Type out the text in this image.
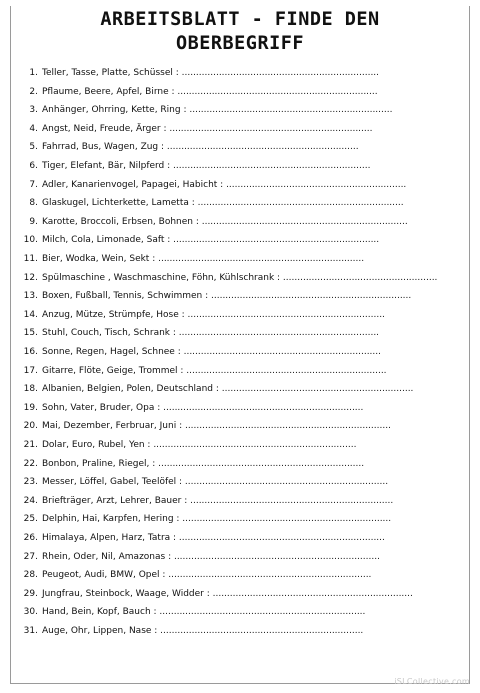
ARBEITSBLATT - FINDE DEN
OBERBEGRIFF
1. Teller, Tasse, Platte, Schüssel : .....................................................................
2. Pflaume, Beere, Apfel, Birne : ......................................................................
3. Anhänger, Ohrring, Kette, Ring : .......................................................................
4. Angst, Neid, Freude, Ärger : .......................................................................
5. Fahrrad, Bus, Wagen, Zug : ...................................................................
6. Tiger, Elefant, Bär, Nilpferd : .....................................................................
7. Adler, Kanarienvogel, Papagei, Habicht : ...............................................................
8. Glaskugel, Lichterkette, Lametta : ........................................................................
9. Karotte, Broccoli, Erbsen, Bohnen : ........................................................................
10. Milch, Cola, Limonade, Saft : ........................................................................
11. Bier, Wodka, Wein, Sekt : ........................................................................
12. Spülmaschine , Waschmaschine, Föhn, Kühlschrank : ......................................................
13. Boxen, Fußball, Tennis, Schwimmen : ......................................................................
14. Anzug, Mütze, Strümpfe, Hose : .....................................................................
15. Stuhl, Couch, Tisch, Schrank : ......................................................................
16. Sonne, Regen, Hagel, Schnee : .....................................................................
17. Gitarre, Flöte, Geige, Trommel : ......................................................................
18. Albanien, Belgien, Polen, Deutschland : ...................................................................
19. Sohn, Vater, Bruder, Opa : ......................................................................
20. Mai, Dezember, Ferbruar, Juni : ........................................................................
21. Dolar, Euro, Rubel, Yen : .......................................................................
22. Bonbon, Praline, Riegel, : ........................................................................
23. Messer, Löffel, Gabel, Teelöfel : .......................................................................
24. Briefträger, Arzt, Lehrer, Bauer : .......................................................................
25. Delphin, Hai, Karpfen, Hering : .........................................................................
26. Himalaya, Alpen, Harz, Tatra : ........................................................................
27. Rhein, Oder, Nil, Amazonas : ........................................................................
28. Peugeot, Audi, BMW, Opel : .......................................................................
29. Jungfrau, Steinbock, Waage, Widder : ......................................................................
30. Hand, Bein, Kopf, Bauch : ........................................................................
31. Auge, Ohr, Lippen, Nase : .......................................................................
iSLCollective.com
